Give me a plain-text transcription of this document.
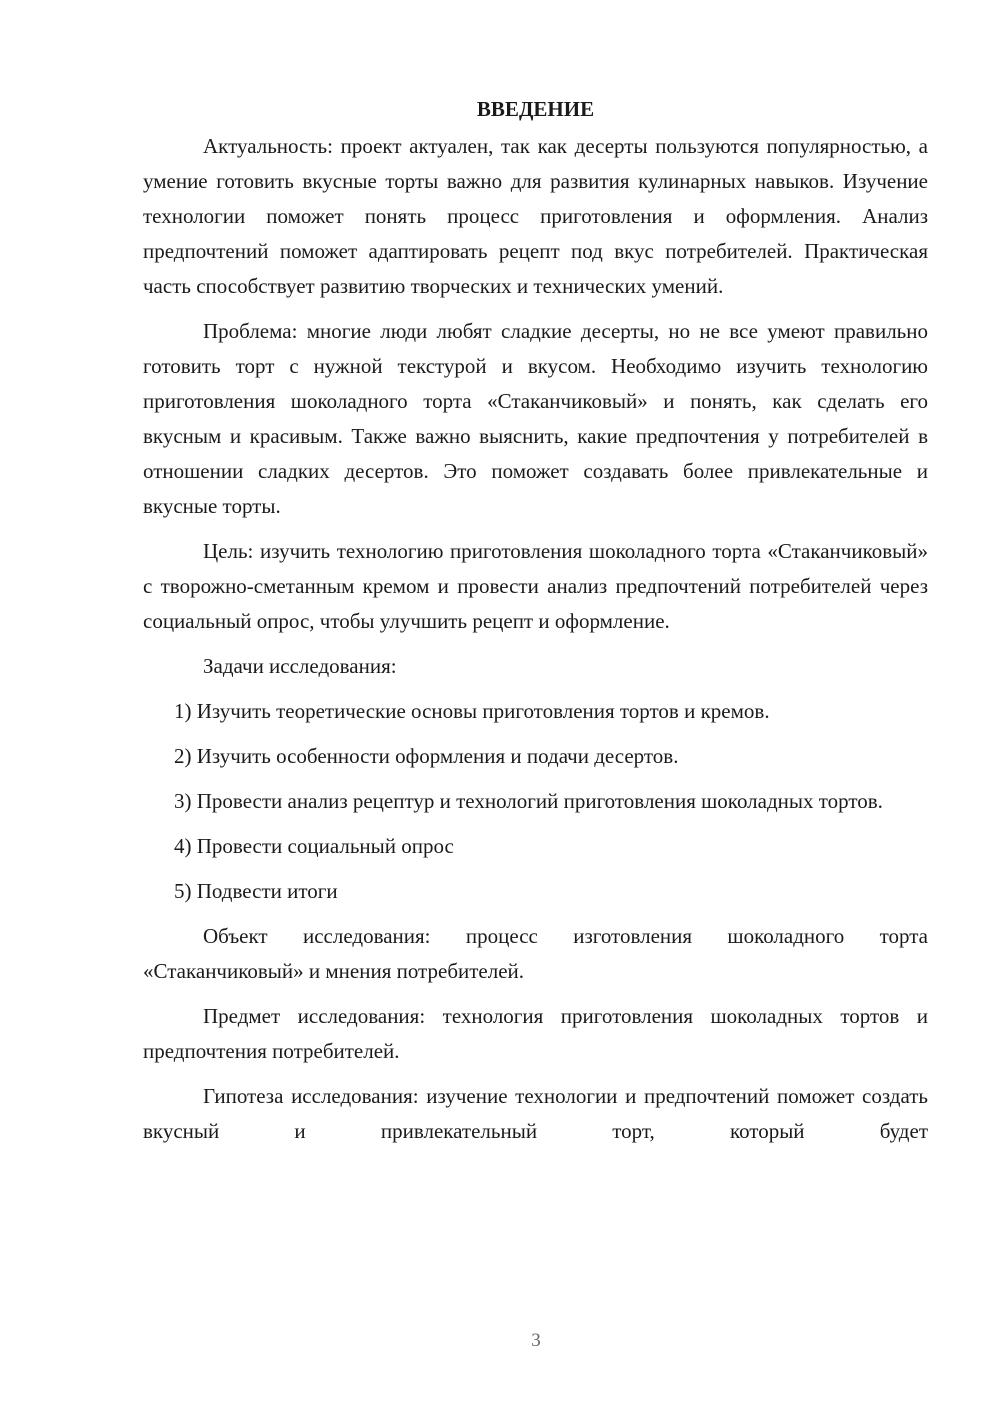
ВВЕДЕНИЕ

Актуальность: проект актуален, так как десерты пользуются популярностью, а умение готовить вкусные торты важно для развития кулинарных навыков. Изучение технологии поможет понять процесс приготовления и оформления. Анализ предпочтений поможет адаптировать рецепт под вкус потребителей. Практическая часть способствует развитию творческих и технических умений.

Проблема: многие люди любят сладкие десерты, но не все умеют правильно готовить торт с нужной текстурой и вкусом. Необходимо изучить технологию приготовления шоколадного торта «Стаканчиковый» и понять, как сделать его вкусным и красивым. Также важно выяснить, какие предпочтения у потребителей в отношении сладких десертов. Это поможет создавать более привлекательные и вкусные торты.

Цель: изучить технологию приготовления шоколадного торта «Стаканчиковый» с творожно-сметанным кремом и провести анализ предпочтений потребителей через социальный опрос, чтобы улучшить рецепт и оформление.

Задачи исследования:

1) Изучить теоретические основы приготовления тортов и кремов.

2) Изучить особенности оформления и подачи десертов.

3) Провести анализ рецептур и технологий приготовления шоколадных тортов.

4) Провести социальный опрос

5) Подвести итоги

Объект исследования: процесс изготовления шоколадного торта «Стаканчиковый» и мнения потребителей.

Предмет исследования: технология приготовления шоколадных тортов и предпочтения потребителей.

Гипотеза исследования: изучение технологии и предпочтений поможет создать вкусный и привлекательный торт, который будет

3
